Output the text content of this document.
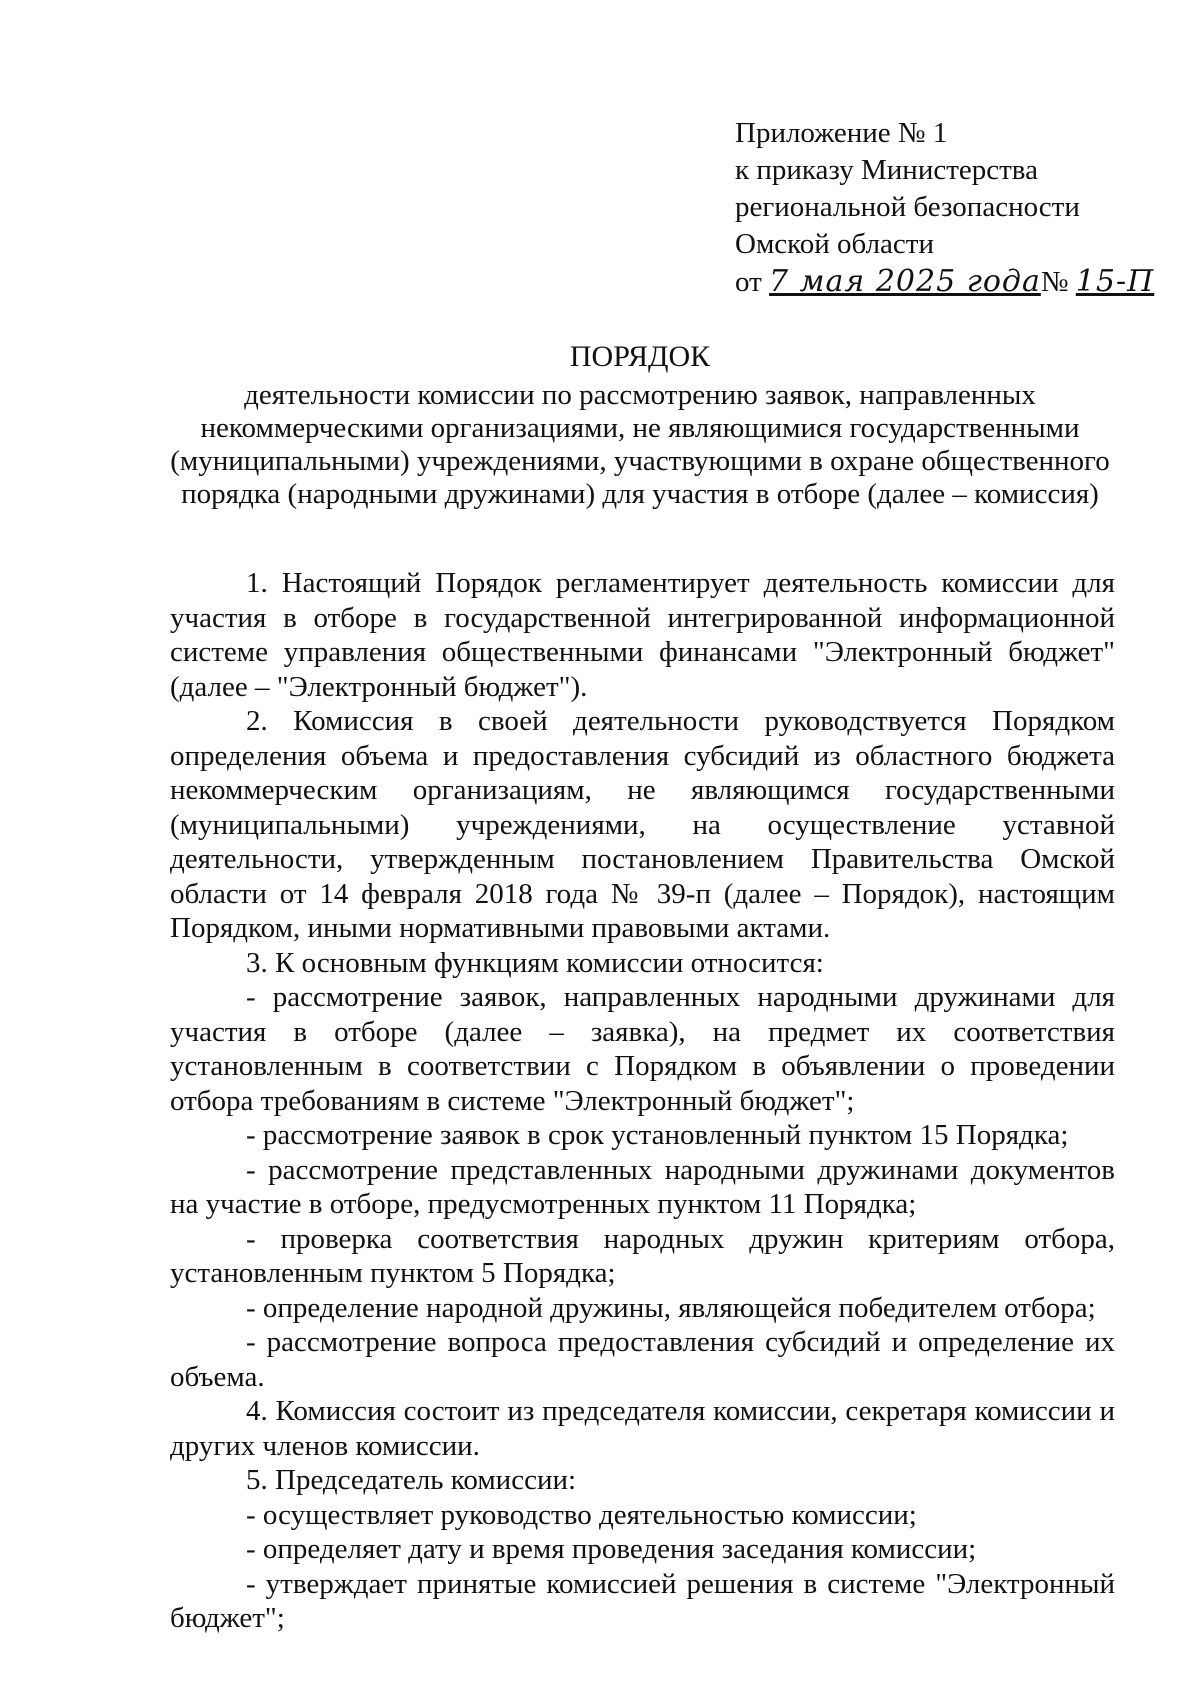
Приложение № 1
к приказу Министерства
региональной безопасности
Омской области
от 7 мая 2025 года№ 15-П
ПОРЯДОК
деятельности комиссии по рассмотрению заявок, направленных некоммерческими организациями, не являющимися государственными (муниципальными) учреждениями, участвующими в охране общественного порядка (народными дружинами) для участия в отборе (далее – комиссия)

1. Настоящий Порядок регламентирует деятельность комиссии для участия в отборе в государственной интегрированной информационной системе управления общественными финансами "Электронный бюджет" (далее – "Электронный бюджет").

2. Комиссия в своей деятельности руководствуется Порядком определения объема и предоставления субсидий из областного бюджета некоммерческим организациям, не являющимся государственными (муниципальными) учреждениями, на осуществление уставной деятельности, утвержденным постановлением Правительства Омской области от 14 февраля 2018 года № 39-п (далее – Порядок), настоящим Порядком, иными нормативными правовыми актами.

3. К основным функциям комиссии относится:

- рассмотрение заявок, направленных народными дружинами для участия в отборе (далее – заявка), на предмет их соответствия установленным в соответствии с Порядком в объявлении о проведении отбора требованиям в системе "Электронный бюджет";

- рассмотрение заявок в срок установленный пунктом 15 Порядка;

- рассмотрение представленных народными дружинами документов на участие в отборе, предусмотренных пунктом 11 Порядка;

- проверка соответствия народных дружин критериям отбора, установленным пунктом 5 Порядка;

- определение народной дружины, являющейся победителем отбора;

- рассмотрение вопроса предоставления субсидий и определение их объема.

4. Комиссия состоит из председателя комиссии, секретаря комиссии и других членов комиссии.

5. Председатель комиссии:

- осуществляет руководство деятельностью комиссии;

- определяет дату и время проведения заседания комиссии;

- утверждает принятые комиссией решения в системе "Электронный бюджет";
